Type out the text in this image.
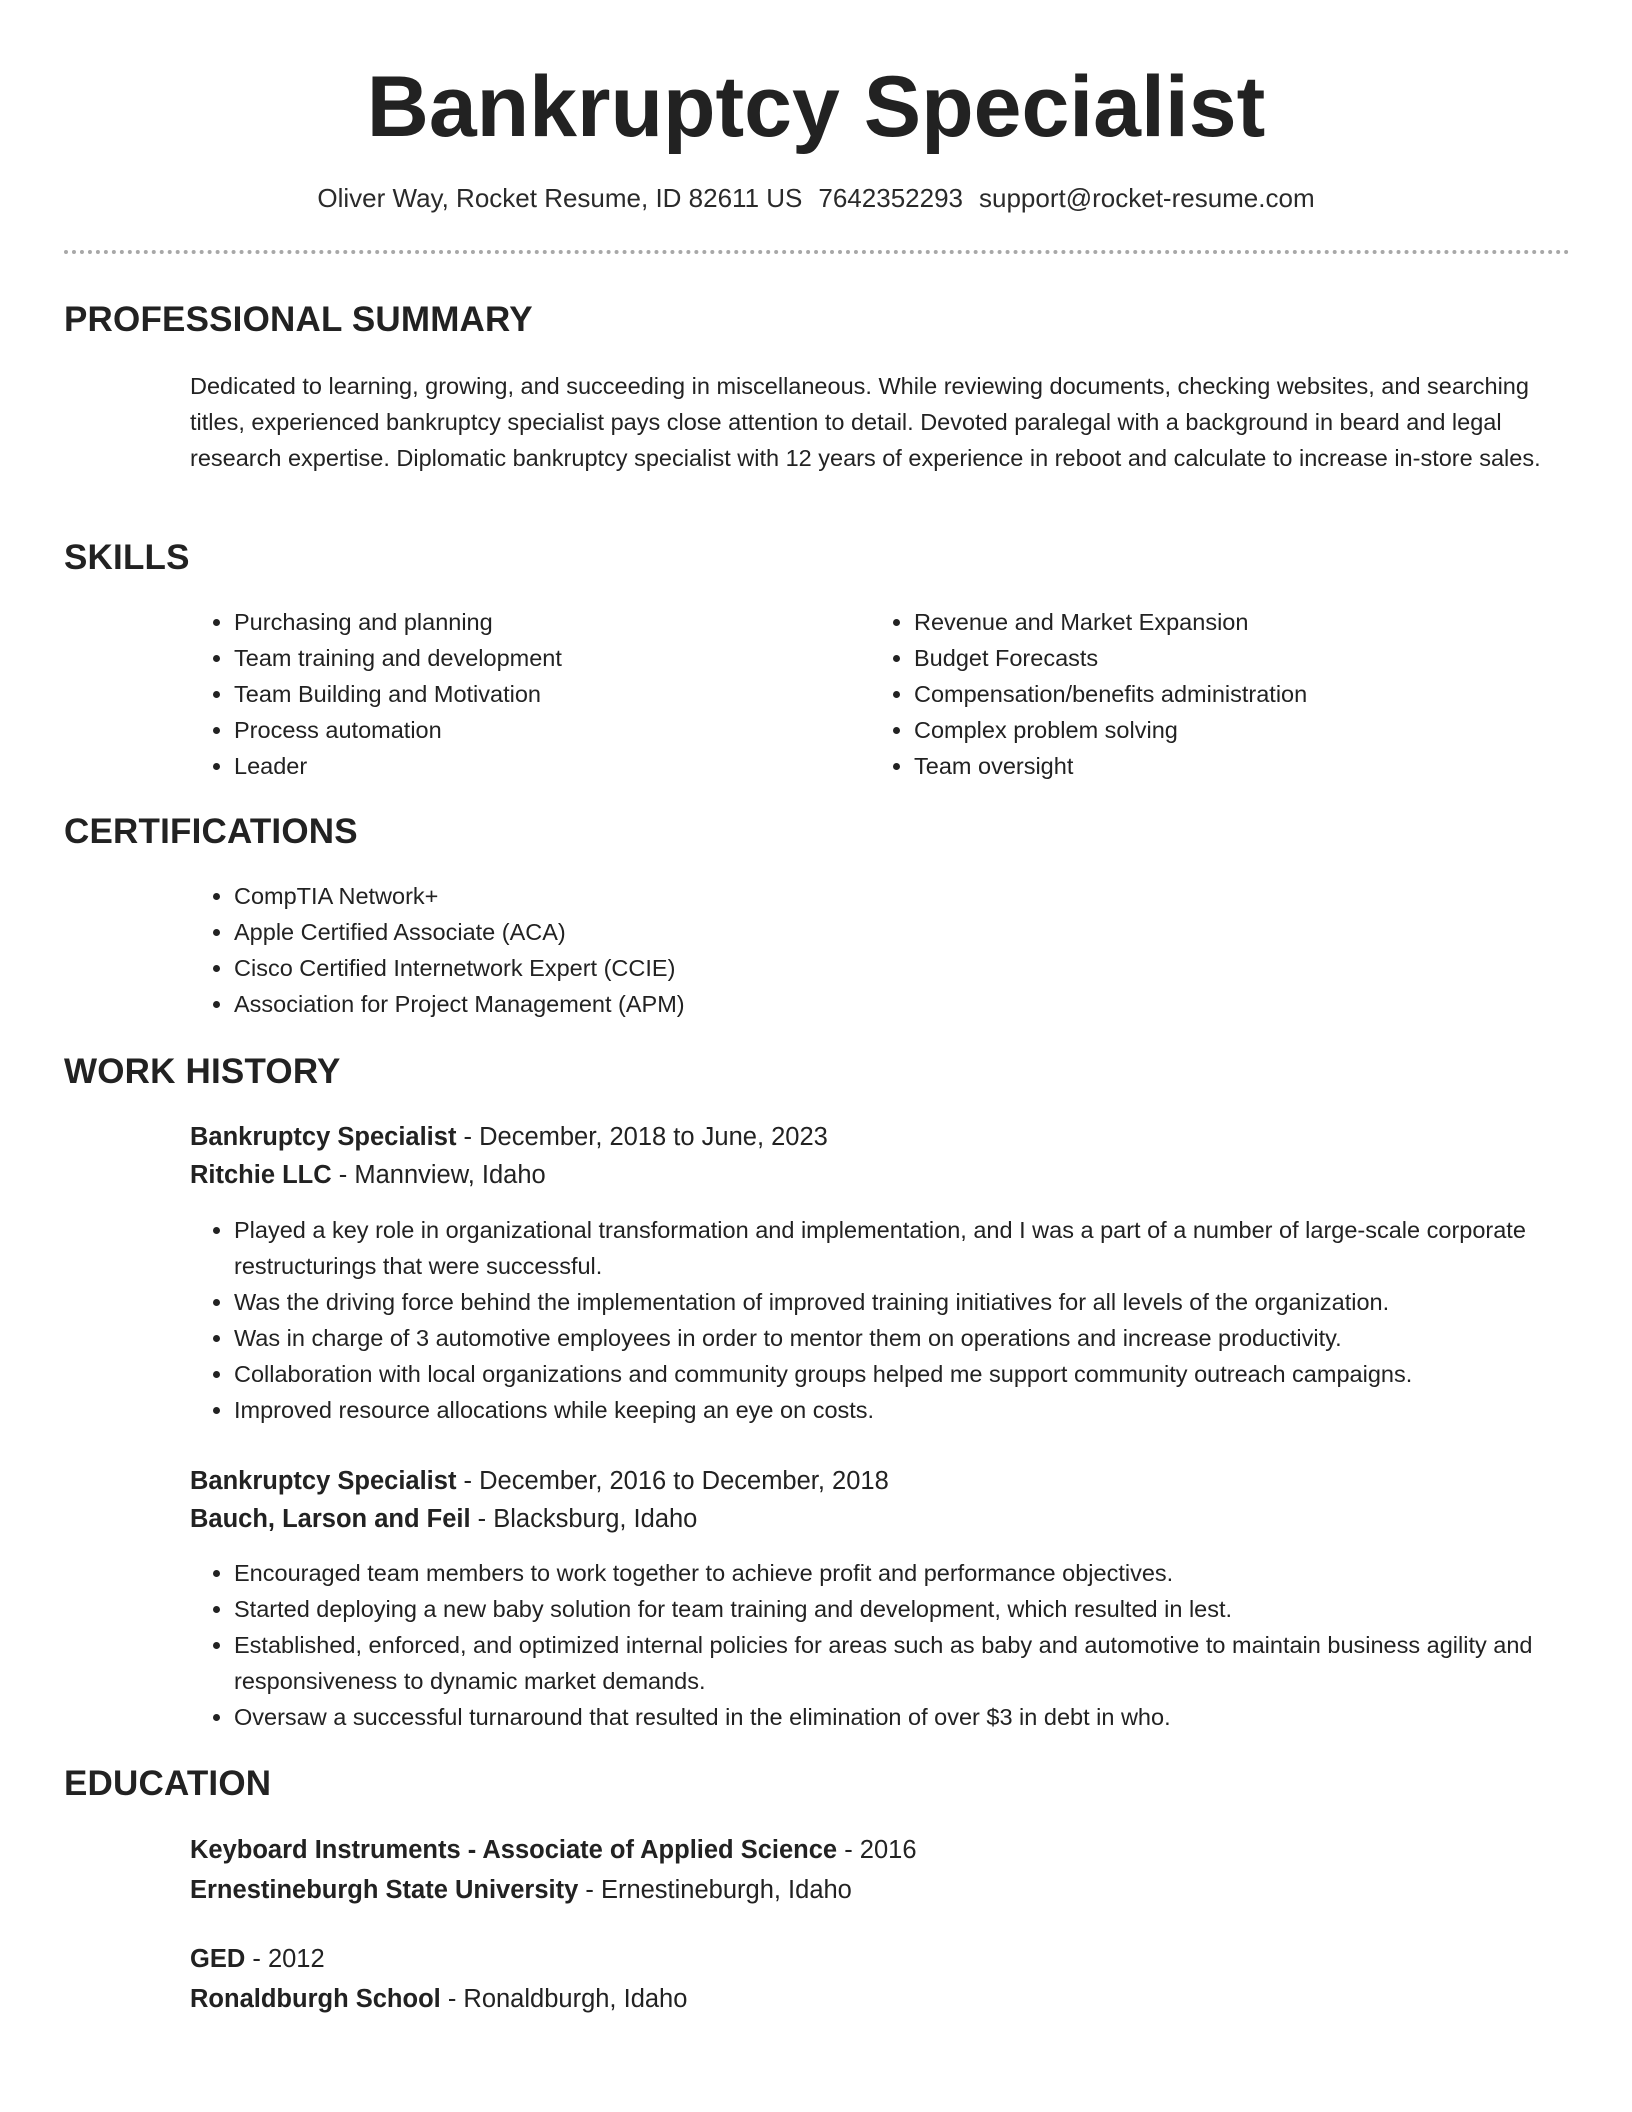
Bankruptcy Specialist
Oliver Way, Rocket Resume, ID 82611 US 7642352293 support@rocket-resume.com
PROFESSIONAL SUMMARY
Dedicated to learning, growing, and succeeding in miscellaneous. While reviewing documents, checking websites, and searching titles, experienced bankruptcy specialist pays close attention to detail. Devoted paralegal with a background in beard and legal research expertise. Diplomatic bankruptcy specialist with 12 years of experience in reboot and calculate to increase in-store sales.
SKILLS
• Purchasing and planning
• Team training and development
• Team Building and Motivation
• Process automation
• Leader
• Revenue and Market Expansion
• Budget Forecasts
• Compensation/benefits administration
• Complex problem solving
• Team oversight
CERTIFICATIONS
• CompTIA Network+
• Apple Certified Associate (ACA)
• Cisco Certified Internetwork Expert (CCIE)
• Association for Project Management (APM)
WORK HISTORY
Bankruptcy Specialist - December, 2018 to June, 2023
Ritchie LLC - Mannview, Idaho
• Played a key role in organizational transformation and implementation, and I was a part of a number of large-scale corporate restructurings that were successful.
• Was the driving force behind the implementation of improved training initiatives for all levels of the organization.
• Was in charge of 3 automotive employees in order to mentor them on operations and increase productivity.
• Collaboration with local organizations and community groups helped me support community outreach campaigns.
• Improved resource allocations while keeping an eye on costs.
Bankruptcy Specialist - December, 2016 to December, 2018
Bauch, Larson and Feil - Blacksburg, Idaho
• Encouraged team members to work together to achieve profit and performance objectives.
• Started deploying a new baby solution for team training and development, which resulted in lest.
• Established, enforced, and optimized internal policies for areas such as baby and automotive to maintain business agility and responsiveness to dynamic market demands.
• Oversaw a successful turnaround that resulted in the elimination of over $3 in debt in who.
EDUCATION
Keyboard Instruments - Associate of Applied Science - 2016
Ernestineburgh State University - Ernestineburgh, Idaho
GED - 2012
Ronaldburgh School - Ronaldburgh, Idaho
